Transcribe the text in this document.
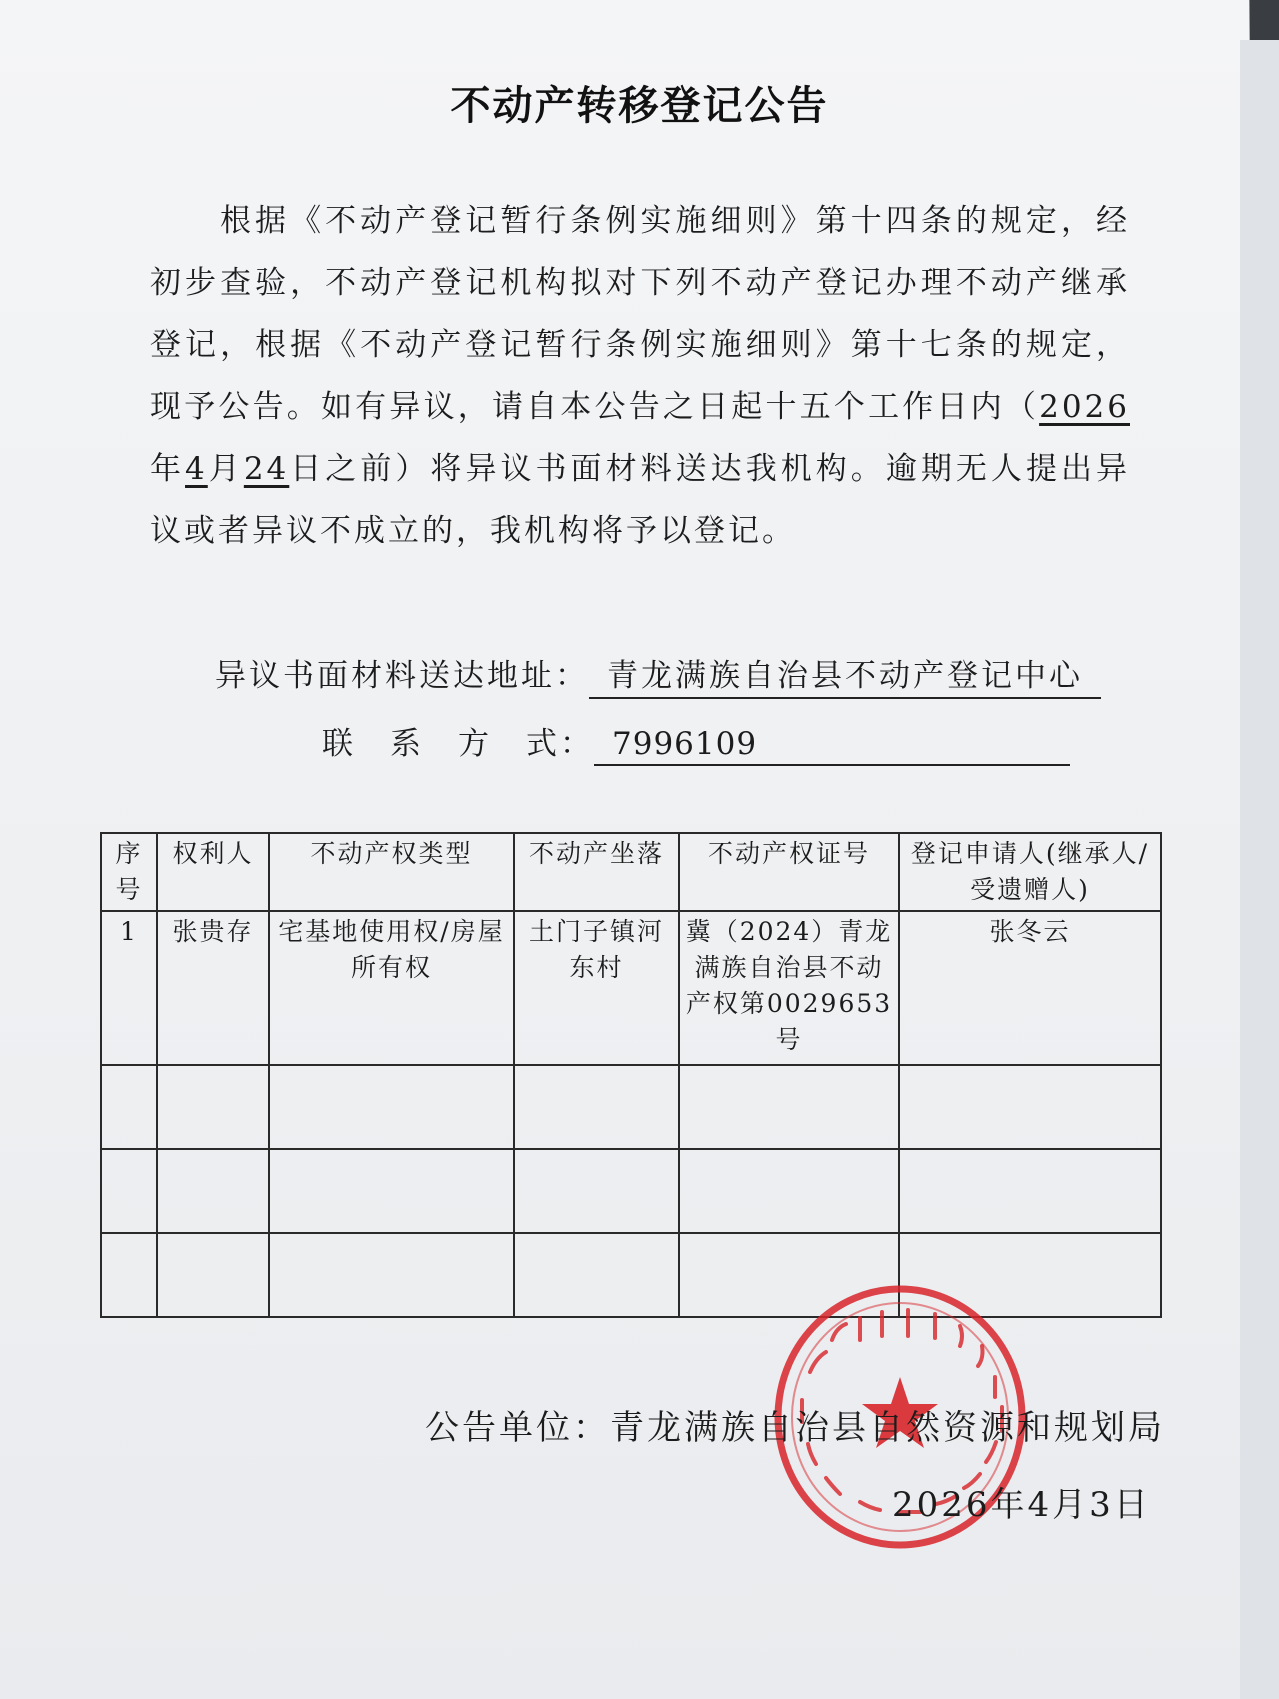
不动产转移登记公告
根据《不动产登记暂行条例实施细则》第十四条的规定，经初步查验，不动产登记机构拟对下列不动产登记办理不动产继承登记，根据《不动产登记暂行条例实施细则》第十七条的规定，现予公告。如有异议，请自本公告之日起十五个工作日内（2026年4月24日之前）将异议书面材料送达我机构。逾期无人提出异议或者异议不成立的，我机构将予以登记。
异议书面材料送达地址： 青龙满族自治县不动产登记中心
联　系　方　式： 7996109
序号	权利人	不动产权类型	不动产坐落	不动产权证号	登记申请人(继承人/受遗赠人)
1	张贵存	宅基地使用权/房屋所有权	土门子镇河东村	冀（2024）青龙满族自治县不动产权第0029653号	张冬云

公告单位：青龙满族自治县自然资源和规划局
2026年4月3日
